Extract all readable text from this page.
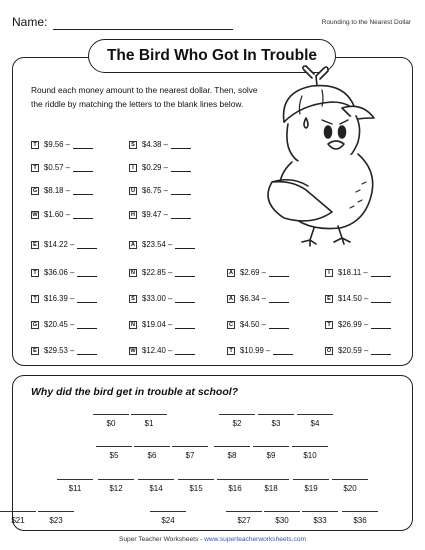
Name:	Rounding to the Nearest Dollar
The Bird Who Got In Trouble
Round each money amount to the nearest dollar. Then, solve the riddle by matching the letters to the blank lines below.
T $9.56 –	S $4.38 –
T $0.57 –	I	$0.29 –
G $8.18 –	U $6.75 –
W $1.60 –	H $9.47 –
E $14.22 –	A $23.54 –
T $36.06 –	N $22.85 –	A $2.69 –	I	$18.11 –
T $16.39 –	S $33.00 –	A $6.34 –	E $14.50 –
G $20.45 –	N $19.04 –	C $4.50 –	T $26.99 –
E $29.53 –	W $12.40 –	T $10.99 –	O $20.59 –
Why did the bird get in trouble at school?
$0	$1	$2	$3	$4
$5	$6	$7	$8	$9	$10
$11	$12	$14	$15	$16	$18	$19	$20
$21	$23	$24	$27	$30	$33	$36
Super Teacher Worksheets - www.superteacherworksheets.com
